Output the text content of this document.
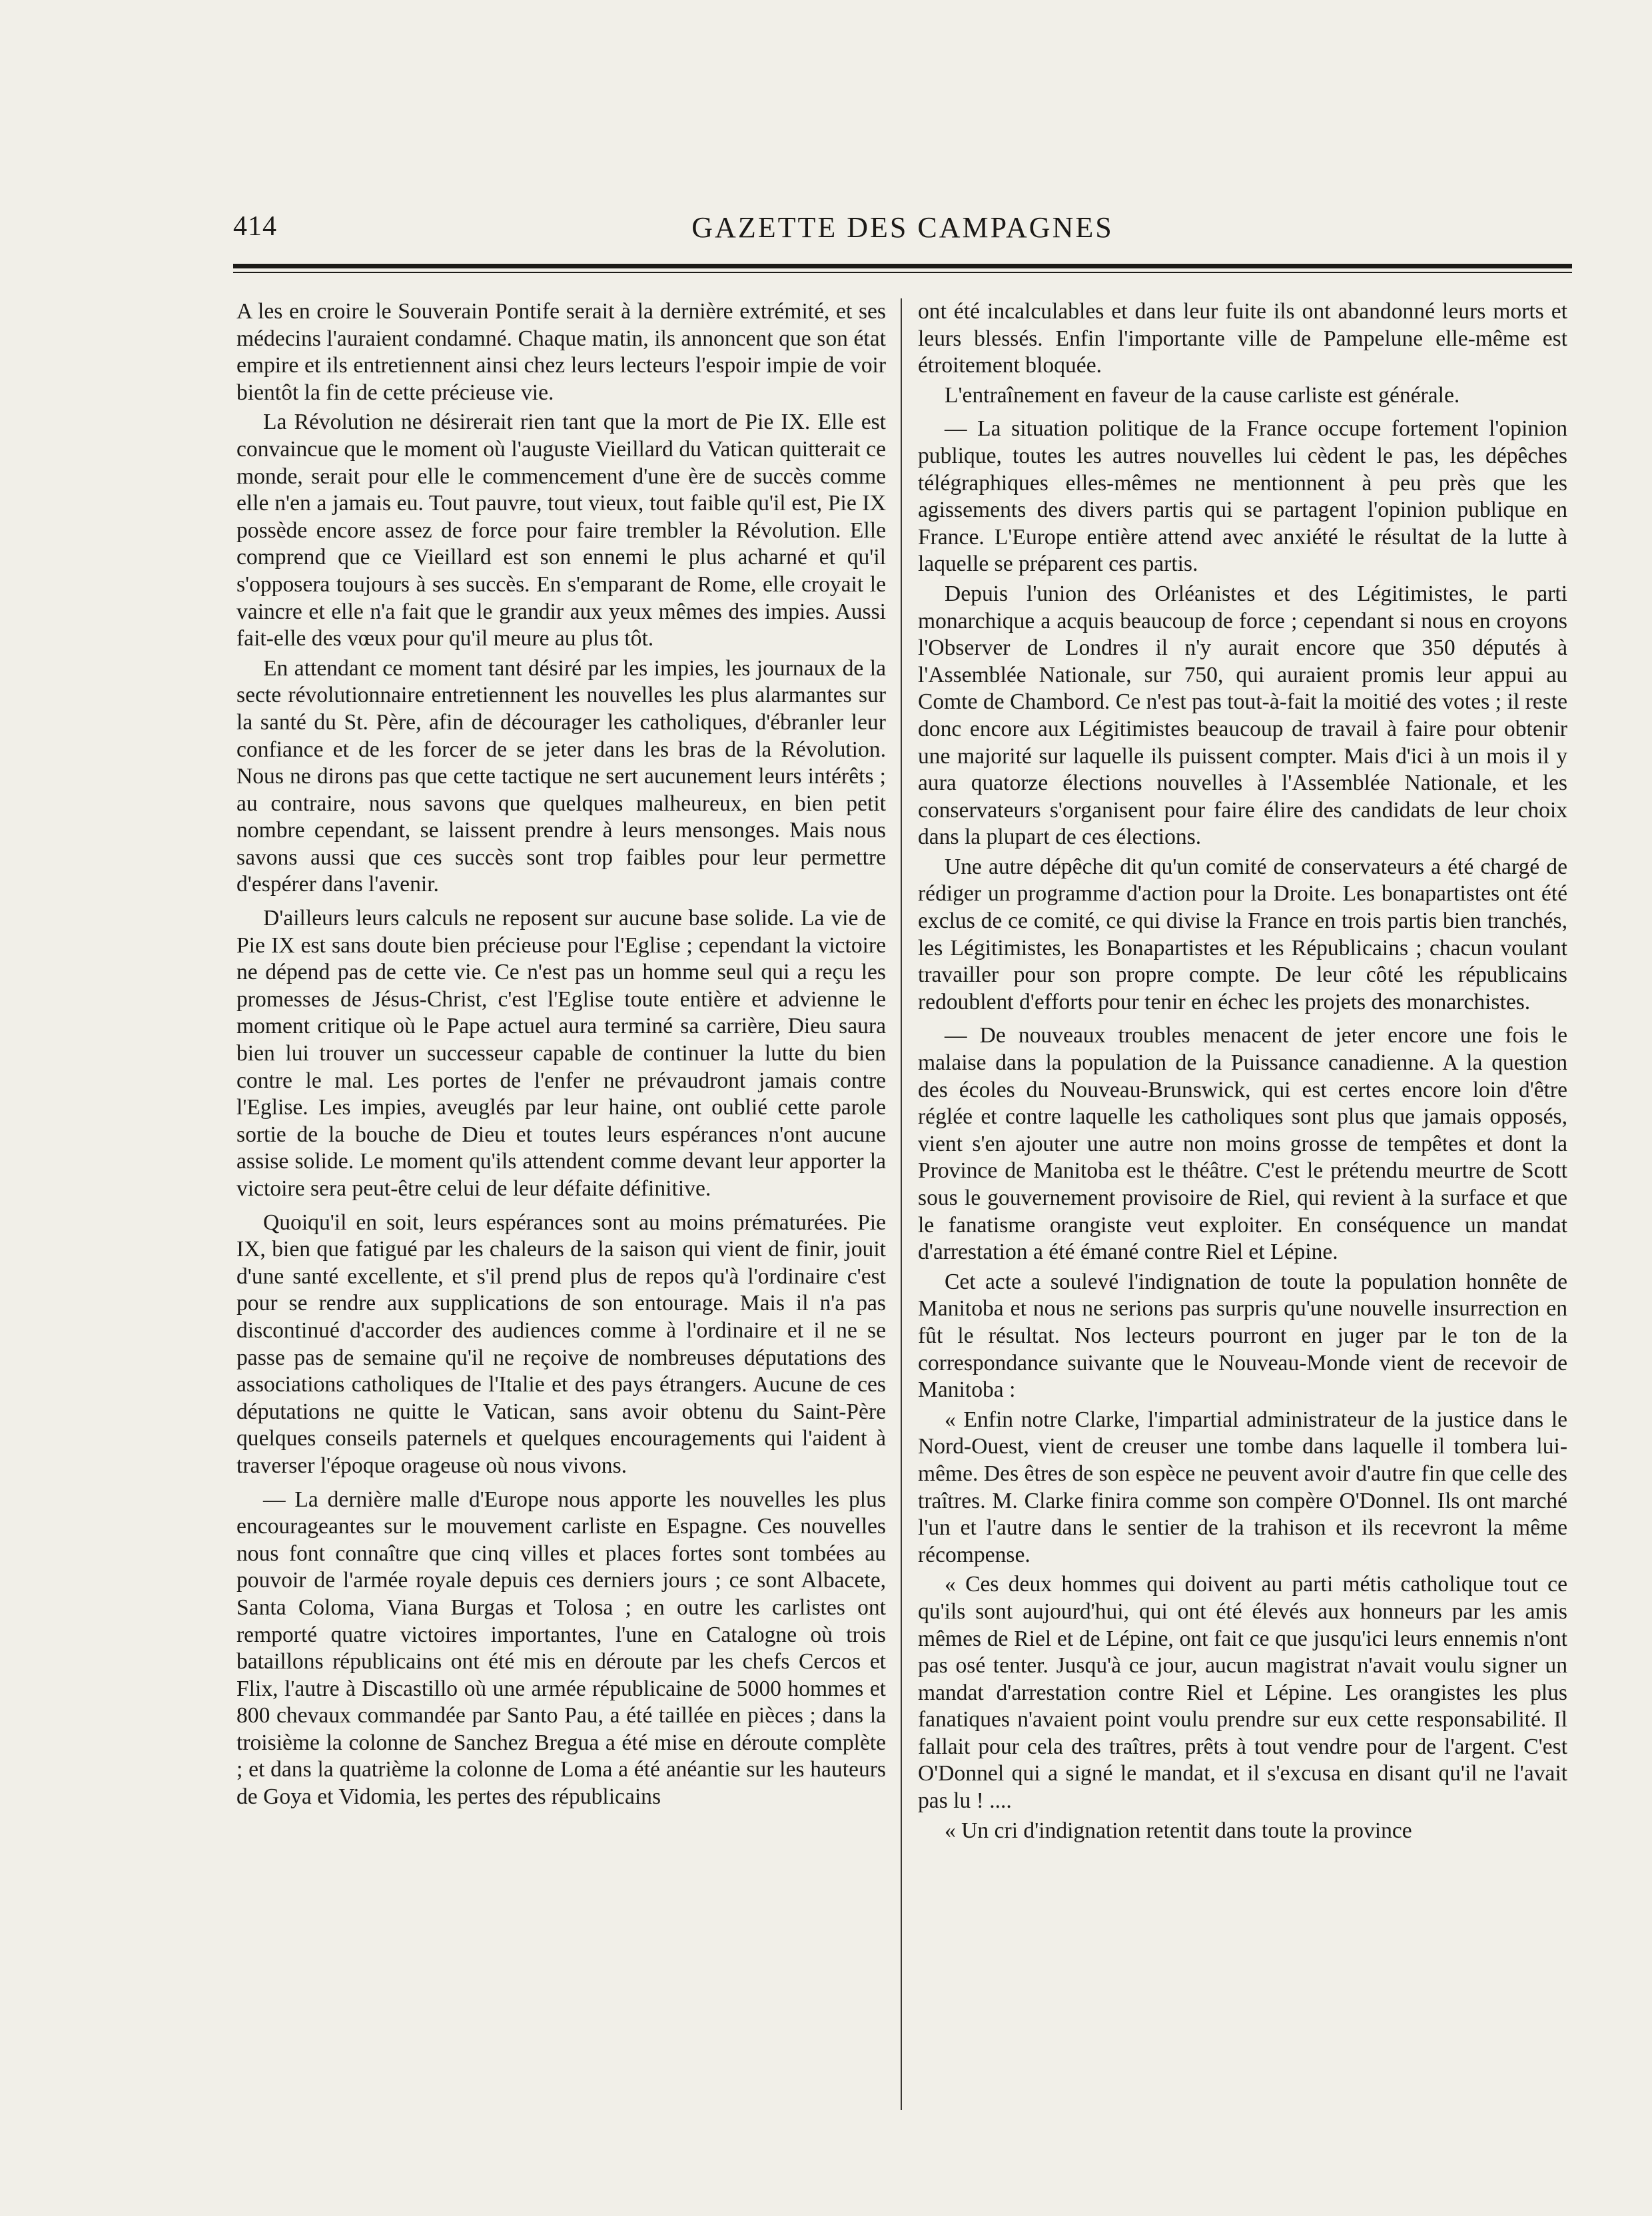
414	GAZETTE DES CAMPAGNES

A les en croire le Souverain Pontife serait à la dernière extrémité, et ses médecins l'auraient condamné. Chaque matin, ils annoncent que son état empire et ils entretiennent ainsi chez leurs lecteurs l'espoir impie de voir bientôt la fin de cette précieuse vie.

La Révolution ne désirerait rien tant que la mort de Pie IX. Elle est convaincue que le moment où l'auguste Vieillard du Vatican quitterait ce monde, serait pour elle le commencement d'une ère de succès comme elle n'en a jamais eu. Tout pauvre, tout vieux, tout faible qu'il est, Pie IX possède encore assez de force pour faire trembler la Révolution. Elle comprend que ce Vieillard est son ennemi le plus acharné et qu'il s'opposera toujours à ses succès. En s'emparant de Rome, elle croyait le vaincre et elle n'a fait que le grandir aux yeux mêmes des impies. Aussi fait-elle des vœux pour qu'il meure au plus tôt.

En attendant ce moment tant désiré par les impies, les journaux de la secte révolutionnaire entretiennent les nouvelles les plus alarmantes sur la santé du St. Père, afin de décourager les catholiques, d'ébranler leur confiance et de les forcer de se jeter dans les bras de la Révolution. Nous ne dirons pas que cette tactique ne sert aucunement leurs intérêts ; au contraire, nous savons que quelques malheureux, en bien petit nombre cependant, se laissent prendre à leurs mensonges. Mais nous savons aussi que ces succès sont trop faibles pour leur permettre d'espérer dans l'avenir.

D'ailleurs leurs calculs ne reposent sur aucune base solide. La vie de Pie IX est sans doute bien précieuse pour l'Eglise ; cependant la victoire ne dépend pas de cette vie. Ce n'est pas un homme seul qui a reçu les promesses de Jésus-Christ, c'est l'Eglise toute entière et advienne le moment critique où le Pape actuel aura terminé sa carrière, Dieu saura bien lui trouver un successeur capable de continuer la lutte du bien contre le mal. Les portes de l'enfer ne prévaudront jamais contre l'Eglise. Les impies, aveuglés par leur haine, ont oublié cette parole sortie de la bouche de Dieu et toutes leurs espérances n'ont aucune assise solide. Le moment qu'ils attendent comme devant leur apporter la victoire sera peut-être celui de leur défaite définitive.

Quoiqu'il en soit, leurs espérances sont au moins prématurées. Pie IX, bien que fatigué par les chaleurs de la saison qui vient de finir, jouit d'une santé excellente, et s'il prend plus de repos qu'à l'ordinaire c'est pour se rendre aux supplications de son entourage. Mais il n'a pas discontinué d'accorder des audiences comme à l'ordinaire et il ne se passe pas de semaine qu'il ne reçoive de nombreuses députations des associations catholiques de l'Italie et des pays étrangers. Aucune de ces députations ne quitte le Vatican, sans avoir obtenu du Saint-Père quelques conseils paternels et quelques encouragements qui l'aident à traverser l'époque orageuse où nous vivons.

— La dernière malle d'Europe nous apporte les nouvelles les plus encourageantes sur le mouvement carliste en Espagne. Ces nouvelles nous font connaître que cinq villes et places fortes sont tombées au pouvoir de l'armée royale depuis ces derniers jours ; ce sont Albacete, Santa Coloma, Viana Burgas et Tolosa ; en outre les carlistes ont remporté quatre victoires importantes, l'une en Catalogne où trois bataillons républicains ont été mis en déroute par les chefs Cercos et Flix, l'autre à Discastillo où une armée républicaine de 5000 hommes et 800 chevaux commandée par Santo Pau, a été taillée en pièces ; dans la troisième la colonne de Sanchez Bregua a été mise en déroute complète ; et dans la quatrième la colonne de Loma a été anéantie sur les hauteurs de Goya et Vidomia, les pertes des républicains

ont été incalculables et dans leur fuite ils ont abandonné leurs morts et leurs blessés. Enfin l'importante ville de Pampelune elle-même est étroitement bloquée.

L'entraînement en faveur de la cause carliste est générale.

— La situation politique de la France occupe fortement l'opinion publique, toutes les autres nouvelles lui cèdent le pas, les dépêches télégraphiques elles-mêmes ne mentionnent à peu près que les agissements des divers partis qui se partagent l'opinion publique en France. L'Europe entière attend avec anxiété le résultat de la lutte à laquelle se préparent ces partis.

Depuis l'union des Orléanistes et des Légitimistes, le parti monarchique a acquis beaucoup de force ; cependant si nous en croyons l'Observer de Londres il n'y aurait encore que 350 députés à l'Assemblée Nationale, sur 750, qui auraient promis leur appui au Comte de Chambord. Ce n'est pas tout-à-fait la moitié des votes ; il reste donc encore aux Légitimistes beaucoup de travail à faire pour obtenir une majorité sur laquelle ils puissent compter. Mais d'ici à un mois il y aura quatorze élections nouvelles à l'Assemblée Nationale, et les conservateurs s'organisent pour faire élire des candidats de leur choix dans la plupart de ces élections.

Une autre dépêche dit qu'un comité de conservateurs a été chargé de rédiger un programme d'action pour la Droite. Les bonapartistes ont été exclus de ce comité, ce qui divise la France en trois partis bien tranchés, les Légitimistes, les Bonapartistes et les Républicains ; chacun voulant travailler pour son propre compte. De leur côté les républicains redoublent d'efforts pour tenir en échec les projets des monarchistes.

— De nouveaux troubles menacent de jeter encore une fois le malaise dans la population de la Puissance canadienne. A la question des écoles du Nouveau-Brunswick, qui est certes encore loin d'être réglée et contre laquelle les catholiques sont plus que jamais opposés, vient s'en ajouter une autre non moins grosse de tempêtes et dont la Province de Manitoba est le théâtre. C'est le prétendu meurtre de Scott sous le gouvernement provisoire de Riel, qui revient à la surface et que le fanatisme orangiste veut exploiter. En conséquence un mandat d'arrestation a été émané contre Riel et Lépine.

Cet acte a soulevé l'indignation de toute la population honnête de Manitoba et nous ne serions pas surpris qu'une nouvelle insurrection en fût le résultat. Nos lecteurs pourront en juger par le ton de la correspondance suivante que le Nouveau-Monde vient de recevoir de Manitoba :

« Enfin notre Clarke, l'impartial administrateur de la justice dans le Nord-Ouest, vient de creuser une tombe dans laquelle il tombera lui-même. Des êtres de son espèce ne peuvent avoir d'autre fin que celle des traîtres. M. Clarke finira comme son compère O'Donnel. Ils ont marché l'un et l'autre dans le sentier de la trahison et ils recevront la même récompense.

« Ces deux hommes qui doivent au parti métis catholique tout ce qu'ils sont aujourd'hui, qui ont été élevés aux honneurs par les amis mêmes de Riel et de Lépine, ont fait ce que jusqu'ici leurs ennemis n'ont pas osé tenter. Jusqu'à ce jour, aucun magistrat n'avait voulu signer un mandat d'arrestation contre Riel et Lépine. Les orangistes les plus fanatiques n'avaient point voulu prendre sur eux cette responsabilité. Il fallait pour cela des traîtres, prêts à tout vendre pour de l'argent. C'est O'Donnel qui a signé le mandat, et il s'excusa en disant qu'il ne l'avait pas lu ! ....

« Un cri d'indignation retentit dans toute la province
